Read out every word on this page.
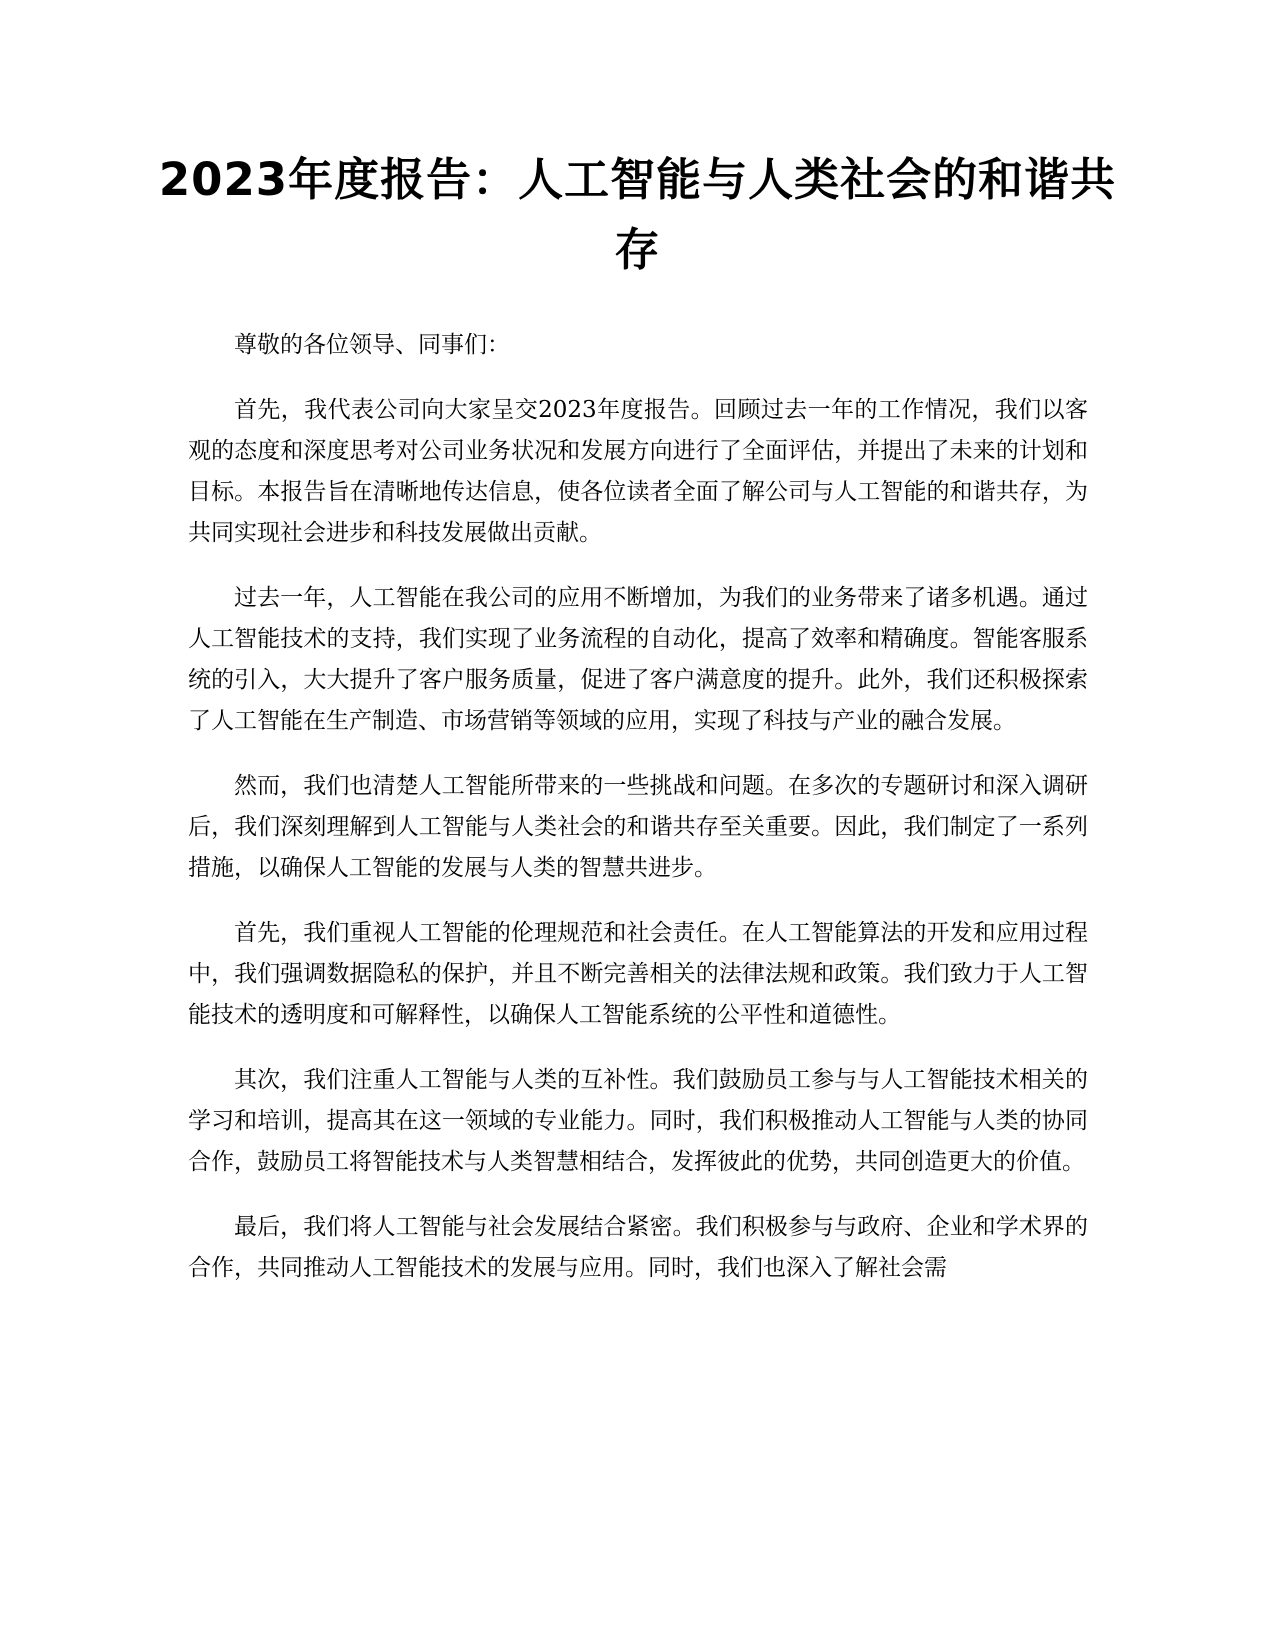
2023年度报告：人工智能与人类社会的和谐共存

尊敬的各位领导、同事们：

首先，我代表公司向大家呈交2023年度报告。回顾过去一年的工作情况，我们以客观的态度和深度思考对公司业务状况和发展方向进行了全面评估，并提出了未来的计划和目标。本报告旨在清晰地传达信息，使各位读者全面了解公司与人工智能的和谐共存，为共同实现社会进步和科技发展做出贡献。

过去一年，人工智能在我公司的应用不断增加，为我们的业务带来了诸多机遇。通过人工智能技术的支持，我们实现了业务流程的自动化，提高了效率和精确度。智能客服系统的引入，大大提升了客户服务质量，促进了客户满意度的提升。此外，我们还积极探索了人工智能在生产制造、市场营销等领域的应用，实现了科技与产业的融合发展。

然而，我们也清楚人工智能所带来的一些挑战和问题。在多次的专题研讨和深入调研后，我们深刻理解到人工智能与人类社会的和谐共存至关重要。因此，我们制定了一系列措施，以确保人工智能的发展与人类的智慧共进步。

首先，我们重视人工智能的伦理规范和社会责任。在人工智能算法的开发和应用过程中，我们强调数据隐私的保护，并且不断完善相关的法律法规和政策。我们致力于人工智能技术的透明度和可解释性，以确保人工智能系统的公平性和道德性。

其次，我们注重人工智能与人类的互补性。我们鼓励员工参与与人工智能技术相关的学习和培训，提高其在这一领域的专业能力。同时，我们积极推动人工智能与人类的协同合作，鼓励员工将智能技术与人类智慧相结合，发挥彼此的优势，共同创造更大的价值。

最后，我们将人工智能与社会发展结合紧密。我们积极参与与政府、企业和学术界的合作，共同推动人工智能技术的发展与应用。同时，我们也深入了解社会需
